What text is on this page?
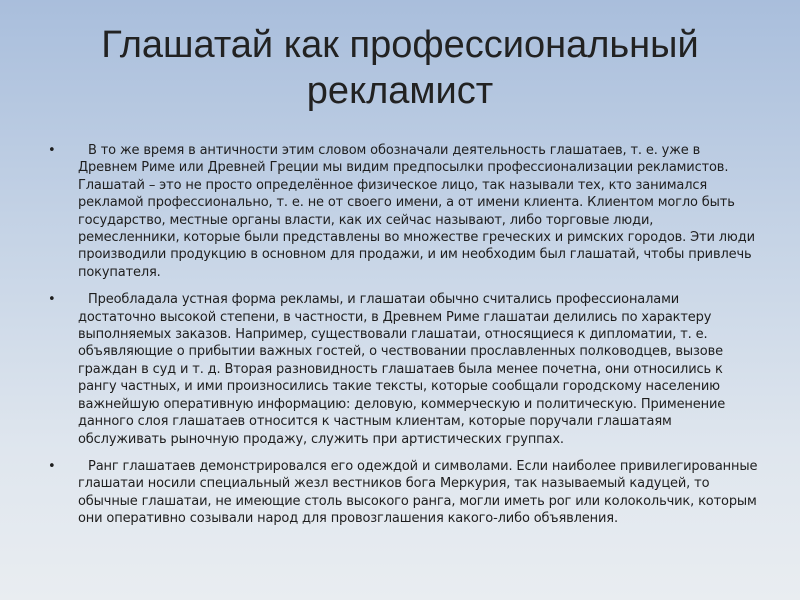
Глашатай как профессиональный рекламист
•	В то же время в античности этим словом обозначали деятельность глашатаев, т. е. уже в Древнем Риме или Древней Греции мы видим предпосылки профессионализации рекламистов. Глашатай – это не просто определённое физическое лицо, так называли тех, кто занимался рекламой профессионально, т. е. не от своего имени, а от имени клиента. Клиентом могло быть государство, местные органы власти, как их сейчас называют, либо торговые люди, ремесленники, которые были представлены во множестве греческих и римских городов. Эти люди производили продукцию в основном для продажи, и им необходим был глашатай, чтобы привлечь покупателя.
•	Преобладала устная форма рекламы, и глашатаи обычно считались профессионалами достаточно высокой степени, в частности, в Древнем Риме глашатаи делились по характеру выполняемых заказов. Например, существовали глашатаи, относящиеся к дипломатии, т. е. объявляющие о прибытии важных гостей, о чествовании прославленных полководцев, вызове граждан в суд и т. д. Вторая разновидность глашатаев была менее почетна, они относились к рангу частных, и ими произносились такие тексты, которые сообщали городскому населению важнейшую оперативную информацию: деловую, коммерческую и политическую. Применение данного слоя глашатаев относится к частным клиентам, которые поручали глашатаям обслуживать рыночную продажу, служить при артистических группах.
•	Ранг глашатаев демонстрировался его одеждой и символами. Если наиболее привилегированные глашатаи носили специальный жезл вестников бога Меркурия, так называемый кадуцей, то обычные глашатаи, не имеющие столь высокого ранга, могли иметь рог или колокольчик, которым они оперативно созывали народ для провозглашения какого-либо объявления.
